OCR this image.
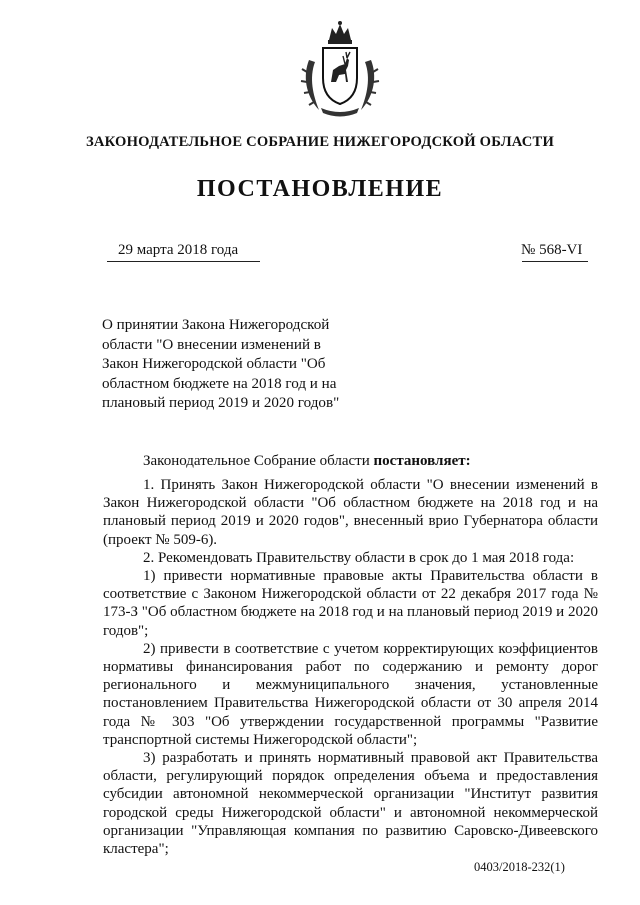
ЗАКОНОДАТЕЛЬНОЕ СОБРАНИЕ НИЖЕГОРОДСКОЙ ОБЛАСТИ
ПОСТАНОВЛЕНИЕ
29 марта 2018 года	№ 568-VI
О принятии Закона Нижегородской
области "О внесении изменений в
Закон Нижегородской области "Об
областном бюджете на 2018 год и на
плановый период 2019 и 2020 годов"
Законодательное Собрание области постановляет:

1. Принять Закон Нижегородской области "О внесении изменений в Закон Нижегородской области "Об областном бюджете на 2018 год и на плановый период 2019 и 2020 годов", внесенный врио Губернатора области (проект № 509-6).

2. Рекомендовать Правительству области в срок до 1 мая 2018 года:

1) привести нормативные правовые акты Правительства области в соответствие с Законом Нижегородской области от 22 декабря 2017 года № 173-З "Об областном бюджете на 2018 год и на плановый период 2019 и 2020 годов";

2) привести в соответствие с учетом корректирующих коэффициентов нормативы финансирования работ по содержанию и ремонту дорог регионального и межмуниципального значения, установленные постановлением Правительства Нижегородской области от 30 апреля 2014 года № 303 "Об утверждении государственной программы "Развитие транспортной системы Нижегородской области";

3) разработать и принять нормативный правовой акт Правительства области, регулирующий порядок определения объема и предоставления субсидии автономной некоммерческой организации "Институт развития городской среды Нижегородской области" и автономной некоммерческой организации "Управляющая компания по развитию Саровско-Дивеевского кластера";

0403/2018-232(1)
